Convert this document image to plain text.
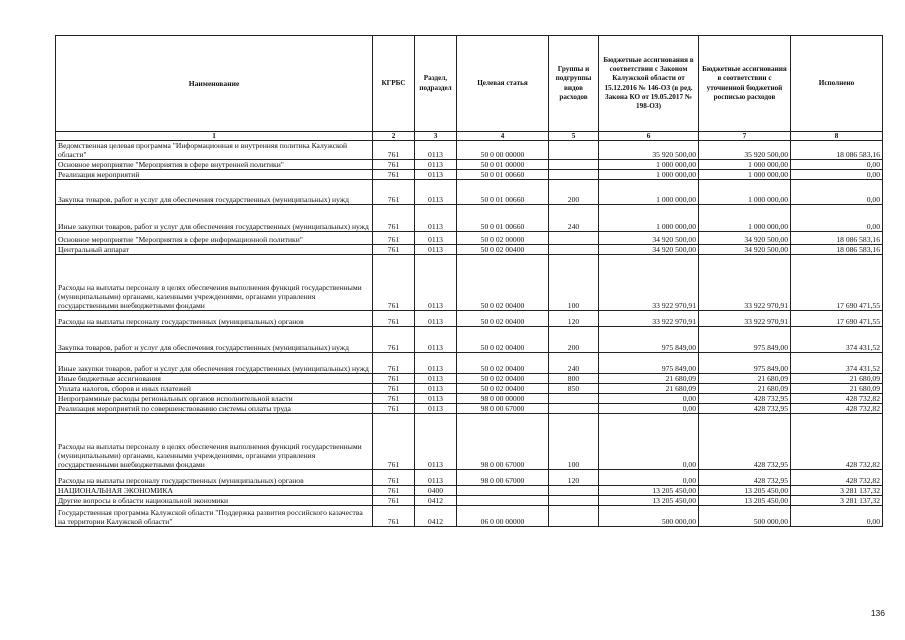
Наименование	КГРБС	Раздел, подраздел	Целевая статья	Группы и подгруппы видов расходов	Бюджетные ассигнования в соответствии с Законом Калужской области от 15.12.2016 № 146-ОЗ (в ред. Закона КО от 19.05.2017 № 198-ОЗ)	Бюджетные ассигнования в соответствии с уточненной бюджетной росписью расходов	Исполнено
1	2	3	4	5	6	7	8
Ведомственная целевая программа "Информационная и внутренняя политика Калужской области"	761	0113	50 0 00 00000		35 920 500,00	35 920 500,00	18 086 583,16
Основное мероприятие "Мероприятия в сфере внутренней политики"	761	0113	50 0 01 00000		1 000 000,00	1 000 000,00	0,00
Реализация мероприятий	761	0113	50 0 01 00660		1 000 000,00	1 000 000,00	0,00
Закупка товаров, работ и услуг для обеспечения государственных (муниципальных) нужд	761	0113	50 0 01 00660	200	1 000 000,00	1 000 000,00	0,00
Иные закупки товаров, работ и услуг для обеспечения государственных (муниципальных) нужд	761	0113	50 0 01 00660	240	1 000 000,00	1 000 000,00	0,00
Основное мероприятие "Мероприятия в сфере информационной политики"	761	0113	50 0 02 00000		34 920 500,00	34 920 500,00	18 086 583,16
Центральный аппарат	761	0113	50 0 02 00400		34 920 500,00	34 920 500,00	18 086 583,16
Расходы на выплаты персоналу в целях обеспечения выполнения функций государственными (муниципальными) органами, казенными учреждениями, органами управления государственными внебюджетными фондами	761	0113	50 0 02 00400	100	33 922 970,91	33 922 970,91	17 690 471,55
Расходы на выплаты персоналу государственных (муниципальных) органов	761	0113	50 0 02 00400	120	33 922 970,91	33 922 970,91	17 690 471,55
Закупка товаров, работ и услуг для обеспечения государственных (муниципальных) нужд	761	0113	50 0 02 00400	200	975 849,00	975 849,00	374 431,52
Иные закупки товаров, работ и услуг для обеспечения государственных (муниципальных) нужд	761	0113	50 0 02 00400	240	975 849,00	975 849,00	374 431,52
Иные бюджетные ассигнования	761	0113	50 0 02 00400	800	21 680,09	21 680,09	21 680,09
Уплата налогов, сборов и иных платежей	761	0113	50 0 02 00400	850	21 680,09	21 680,09	21 680,09
Непрограммные расходы региональных органов исполнительной власти	761	0113	98 0 00 00000		0,00	428 732,95	428 732,82
Реализация мероприятий по совершенствованию системы оплаты труда	761	0113	98 0 00 67000		0,00	428 732,95	428 732,82
Расходы на выплаты персоналу в целях обеспечения выполнения функций государственными (муниципальными) органами, казенными учреждениями, органами управления государственными внебюджетными фондами	761	0113	98 0 00 67000	100	0,00	428 732,95	428 732,82
Расходы на выплаты персоналу государственных (муниципальных) органов	761	0113	98 0 00 67000	120	0,00	428 732,95	428 732,82
НАЦИОНАЛЬНАЯ ЭКОНОМИКА	761	0400			13 205 450,00	13 205 450,00	3 281 137,32
Другие вопросы в области национальной экономики	761	0412			13 205 450,00	13 205 450,00	3 281 137,32
Государственная программа Калужской области "Поддержка развития российского казачества на территории Калужской области"	761	0412	06 0 00 00000		500 000,00	500 000,00	0,00
136
